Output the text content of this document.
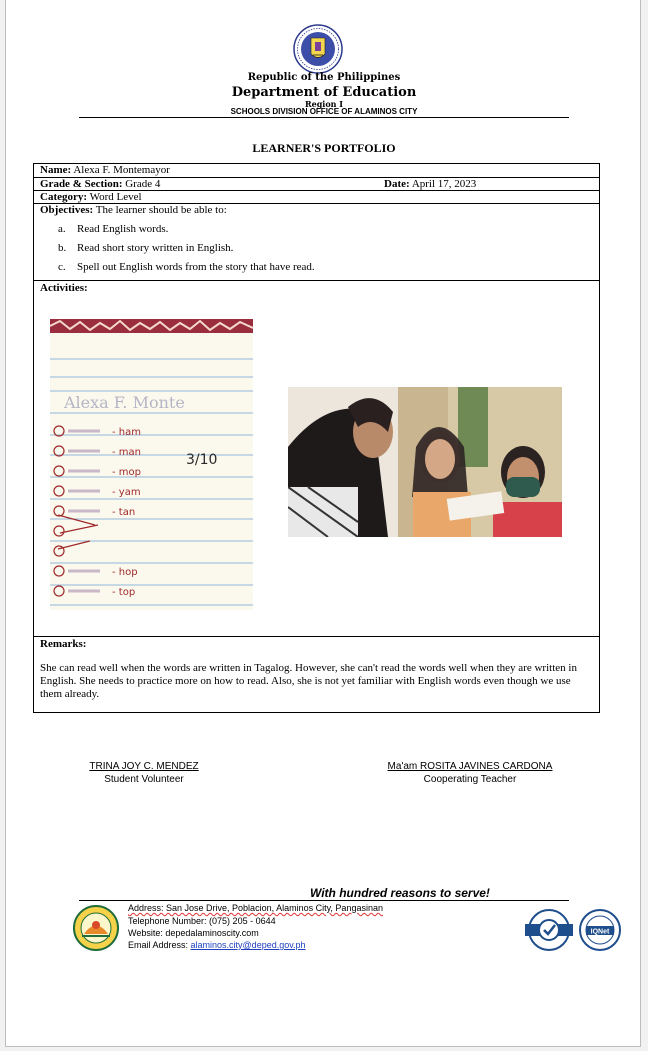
Republic of the Philippines
Department of Education
Region I
SCHOOLS DIVISION OFFICE OF ALAMINOS CITY
LEARNER'S PORTFOLIO
Name: Alexa F. Montemayor
Grade & Section: Grade 4	Date: April 17, 2023
Category: Word Level
Objectives: The learner should be able to:
a. Read English words.
b. Read short story written in English.
c. Spell out English words from the story that have read.
Activities:
Remarks:
She can read well when the words are written in Tagalog. However, she can't read the words well when they are written in English. She needs to practice more on how to read. Also, she is not yet familiar with English words even though we use them already.
Alexa F. Monte
3/10
- ham
- man
- mop
- yam
- tan
- hop
- top
TRINA JOY C. MENDEZ
Student Volunteer
Ma'am ROSITA JAVINES CARDONA
Cooperating Teacher
With hundred reasons to serve!
Address: San Jose Drive, Poblacion, Alaminos City, Pangasinan
Telephone Number: (075) 205 - 0644
Website: depedalaminoscity.com
Email Address: alaminos.city@deped.gov.ph
IQNet
